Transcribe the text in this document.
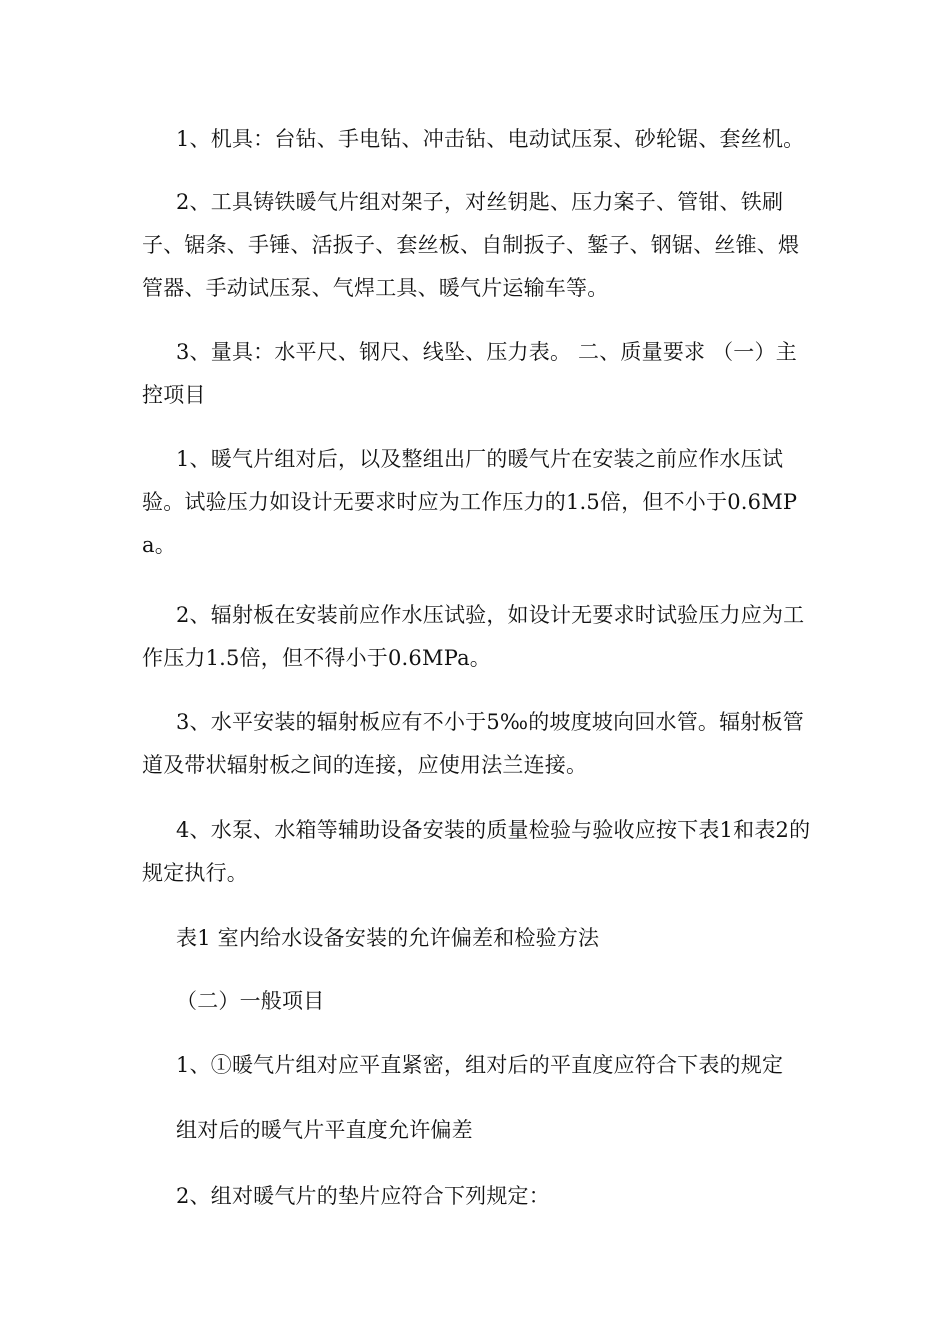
1、机具：台钻、手电钻、冲击钻、电动试压泵、砂轮锯、套丝机。

2、工具铸铁暖气片组对架子，对丝钥匙、压力案子、管钳、铁刷子、锯条、手锤、活扳子、套丝板、自制扳子、錾子、钢锯、丝锥、煨管器、手动试压泵、气焊工具、暖气片运输车等。

3、量具：水平尺、钢尺、线坠、压力表。 二、质量要求 （一）主控项目

1、暖气片组对后，以及整组出厂的暖气片在安装之前应作水压试验。试验压力如设计无要求时应为工作压力的1.5倍，但不小于0.6MPa。

2、辐射板在安装前应作水压试验，如设计无要求时试验压力应为工作压力1.5倍，但不得小于0.6MPa。

3、水平安装的辐射板应有不小于5‰的坡度坡向回水管。辐射板管道及带状辐射板之间的连接，应使用法兰连接。

4、水泵、水箱等辅助设备安装的质量检验与验收应按下表1和表2的规定执行。

表1 室内给水设备安装的允许偏差和检验方法

（二）一般项目

1、①暖气片组对应平直紧密，组对后的平直度应符合下表的规定

组对后的暖气片平直度允许偏差

2、组对暖气片的垫片应符合下列规定：
